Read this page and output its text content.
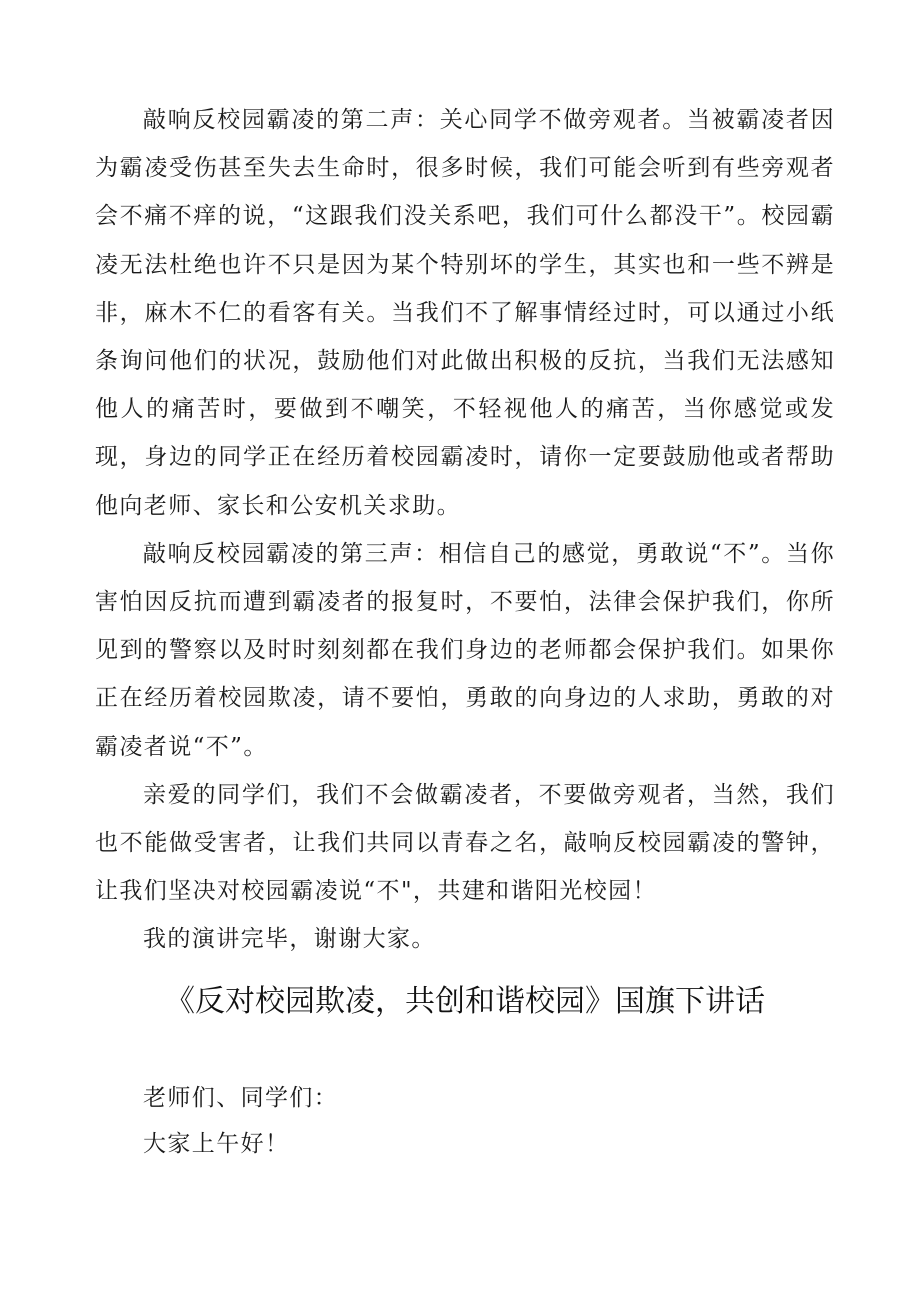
敲响反校园霸凌的第二声：关心同学不做旁观者。当被霸凌者因为霸凌受伤甚至失去生命时，很多时候，我们可能会听到有些旁观者会不痛不痒的说，“这跟我们没关系吧，我们可什么都没干”。校园霸凌无法杜绝也许不只是因为某个特别坏的学生，其实也和一些不辨是非，麻木不仁的看客有关。当我们不了解事情经过时，可以通过小纸条询问他们的状况，鼓励他们对此做出积极的反抗，当我们无法感知他人的痛苦时，要做到不嘲笑，不轻视他人的痛苦，当你感觉或发现，身边的同学正在经历着校园霸凌时，请你一定要鼓励他或者帮助他向老师、家长和公安机关求助。

敲响反校园霸凌的第三声：相信自己的感觉，勇敢说“不”。当你害怕因反抗而遭到霸凌者的报复时，不要怕，法律会保护我们，你所见到的警察以及时时刻刻都在我们身边的老师都会保护我们。如果你正在经历着校园欺凌，请不要怕，勇敢的向身边的人求助，勇敢的对霸凌者说“不”。

亲爱的同学们，我们不会做霸凌者，不要做旁观者，当然，我们也不能做受害者，让我们共同以青春之名，敲响反校园霸凌的警钟，让我们坚决对校园霸凌说“不"，共建和谐阳光校园！

我的演讲完毕，谢谢大家。

《反对校园欺凌，共创和谐校园》国旗下讲话

老师们、同学们：

大家上午好！
